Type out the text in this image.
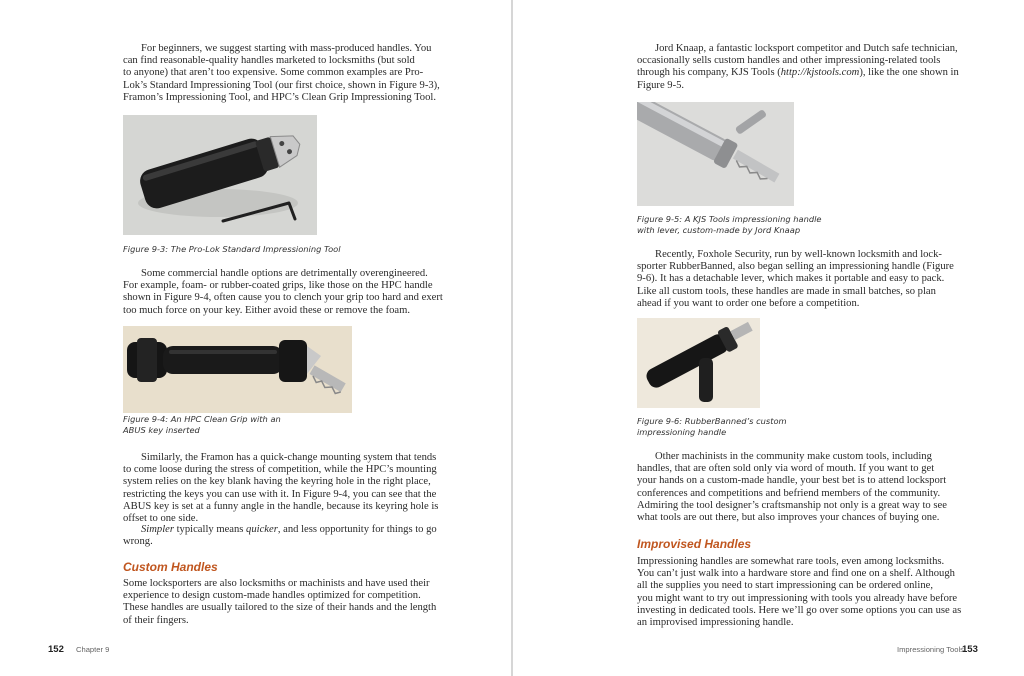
For beginners, we suggest starting with mass-produced handles. You
can find reasonable-quality handles marketed to locksmiths (but sold
to anyone) that aren’t too expensive. Some common examples are Pro-
Lok’s Standard Impressioning Tool (our first choice, shown in Figure 9-3),
Framon’s Impressioning Tool, and HPC’s Clean Grip Impressioning Tool.

Figure 9-3: The Pro-Lok Standard Impressioning Tool

Some commercial handle options are detrimentally overengineered.
For example, foam- or rubber-coated grips, like those on the HPC handle
shown in Figure 9-4, often cause you to clench your grip too hard and exert
too much force on your key. Either avoid these or remove the foam.

Figure 9-4: An HPC Clean Grip with an
ABUS key inserted

Similarly, the Framon has a quick-change mounting system that tends
to come loose during the stress of competition, while the HPC’s mounting
system relies on the key blank having the keyring hole in the right place,
restricting the keys you can use with it. In Figure 9-4, you can see that the
ABUS key is set at a funny angle in the handle, because its keyring hole is
offset to one side.

Simpler typically means quicker, and less opportunity for things to go
wrong.

Custom Handles

Some locksporters are also locksmiths or machinists and have used their
experience to design custom-made handles optimized for competition.
These handles are usually tailored to the size of their hands and the length
of their fingers.

152 Chapter 9

Jord Knaap, a fantastic locksport competitor and Dutch safe technician,
occasionally sells custom handles and other impressioning-related tools
through his company, KJS Tools (http://kjstools.com), like the one shown in
Figure 9-5.

Figure 9-5: A KJS Tools impressioning handle
with lever, custom-made by Jord Knaap

Recently, Foxhole Security, run by well-known locksmith and lock-
sporter RubberBanned, also began selling an impressioning handle (Figure
9-6). It has a detachable lever, which makes it portable and easy to pack.
Like all custom tools, these handles are made in small batches, so plan
ahead if you want to order one before a competition.

Figure 9-6: RubberBanned’s custom
impressioning handle

Other machinists in the community make custom tools, including
handles, that are often sold only via word of mouth. If you want to get
your hands on a custom-made handle, your best bet is to attend locksport
conferences and competitions and befriend members of the community.
Admiring the tool designer’s craftsmanship not only is a great way to see
what tools are out there, but also improves your chances of buying one.

Improvised Handles

Impressioning handles are somewhat rare tools, even among locksmiths.
You can’t just walk into a hardware store and find one on a shelf. Although
all the supplies you need to start impressioning can be ordered online,
you might want to try out impressioning with tools you already have before
investing in dedicated tools. Here we’ll go over some options you can use as
an improvised impressioning handle.

Impressioning Tools
153
